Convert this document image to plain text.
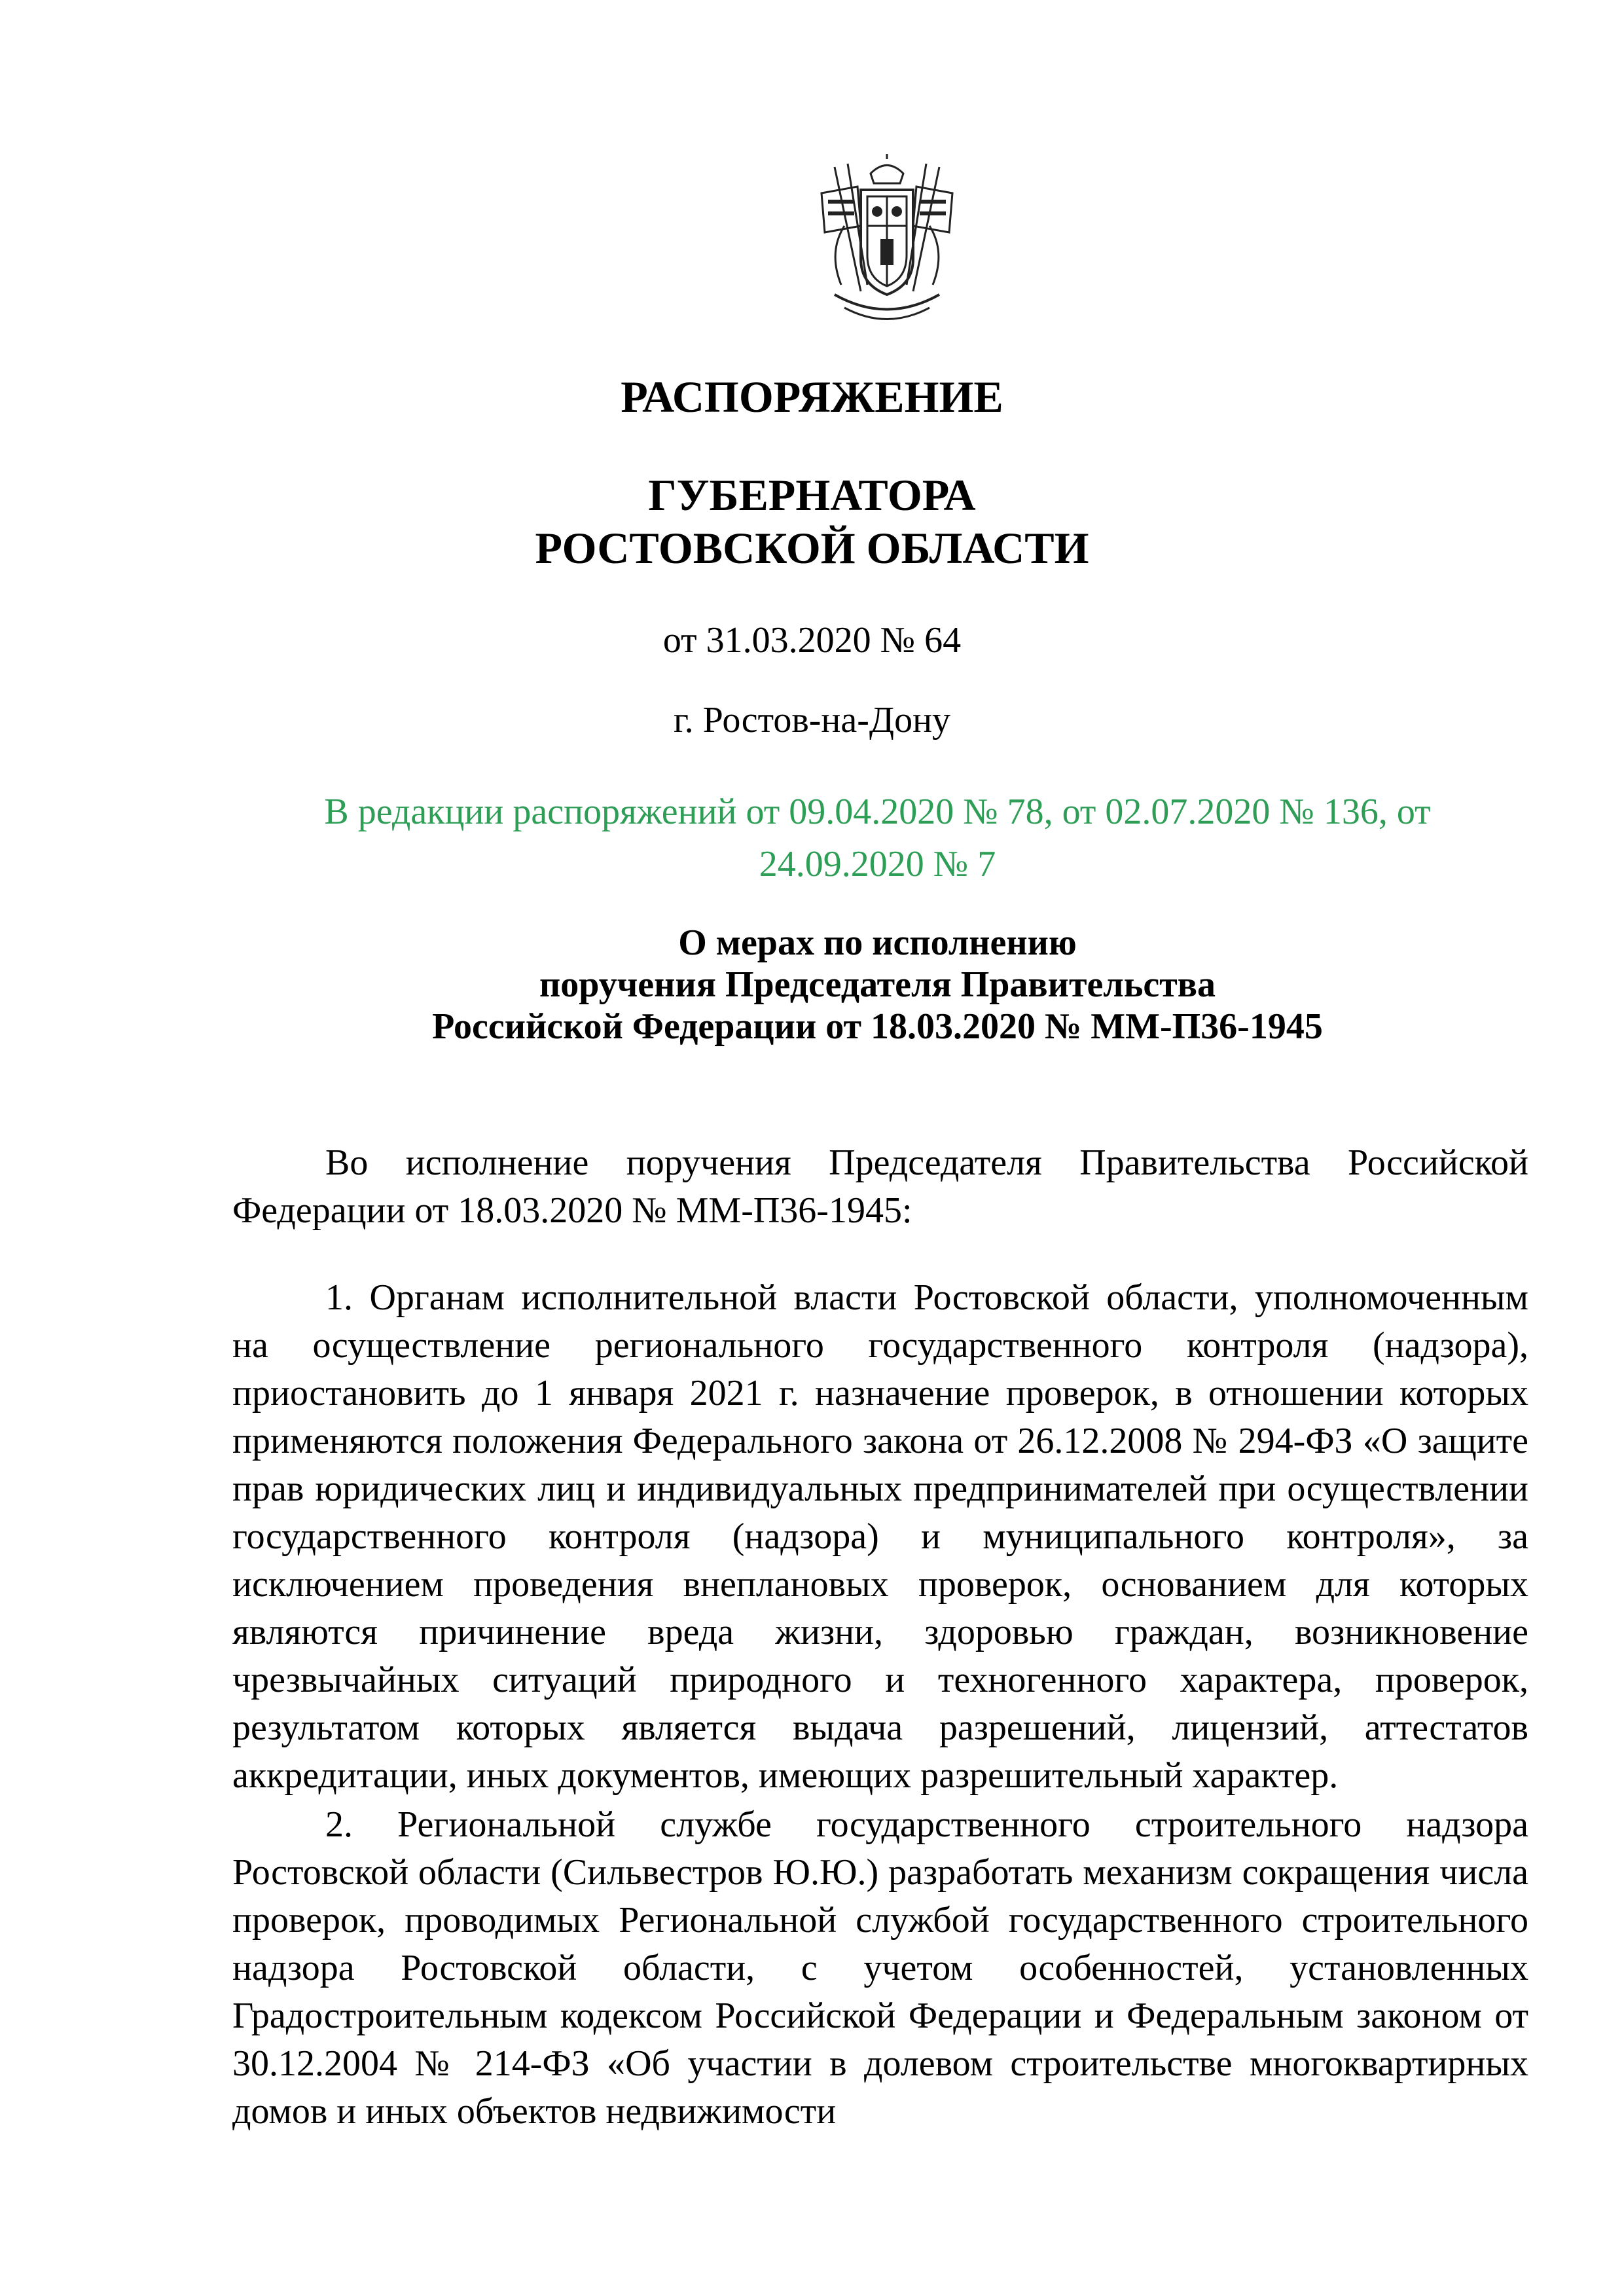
РАСПОРЯЖЕНИЕ
ГУБЕРНАТОРА
РОСТОВСКОЙ ОБЛАСТИ
от 31.03.2020 № 64
г. Ростов-на-Дону
В редакции распоряжений от 09.04.2020 № 78, от 02.07.2020 № 136, от 24.09.2020 № 7
О мерах по исполнению
поручения Председателя Правительства
Российской Федерации от 18.03.2020 № ММ-П36-1945

Во исполнение поручения Председателя Правительства Российской Федерации от 18.03.2020 № ММ-П36-1945:

1. Органам исполнительной власти Ростовской области, уполномоченным на осуществление регионального государственного контроля (надзора), приостановить до 1 января 2021 г. назначение проверок, в отношении которых применяются положения Федерального закона от 26.12.2008 № 294-ФЗ «О защите прав юридических лиц и индивидуальных предпринимателей при осуществлении государственного контроля (надзора) и муниципального контроля», за исключением проведения внеплановых проверок, основанием для которых являются причинение вреда жизни, здоровью граждан, возникновение чрезвычайных ситуаций природного и техногенного характера, проверок, результатом которых является выдача разрешений, лицензий, аттестатов аккредитации, иных документов, имеющих разрешительный характер.

2. Региональной службе государственного строительного надзора Ростовской области (Сильвестров Ю.Ю.) разработать механизм сокращения числа проверок, проводимых Региональной службой государственного строительного надзора Ростовской области, с учетом особенностей, установленных Градостроительным кодексом Российской Федерации и Федеральным законом от 30.12.2004 № 214-ФЗ «Об участии в долевом строительстве многоквартирных домов и иных объектов недвижимости
